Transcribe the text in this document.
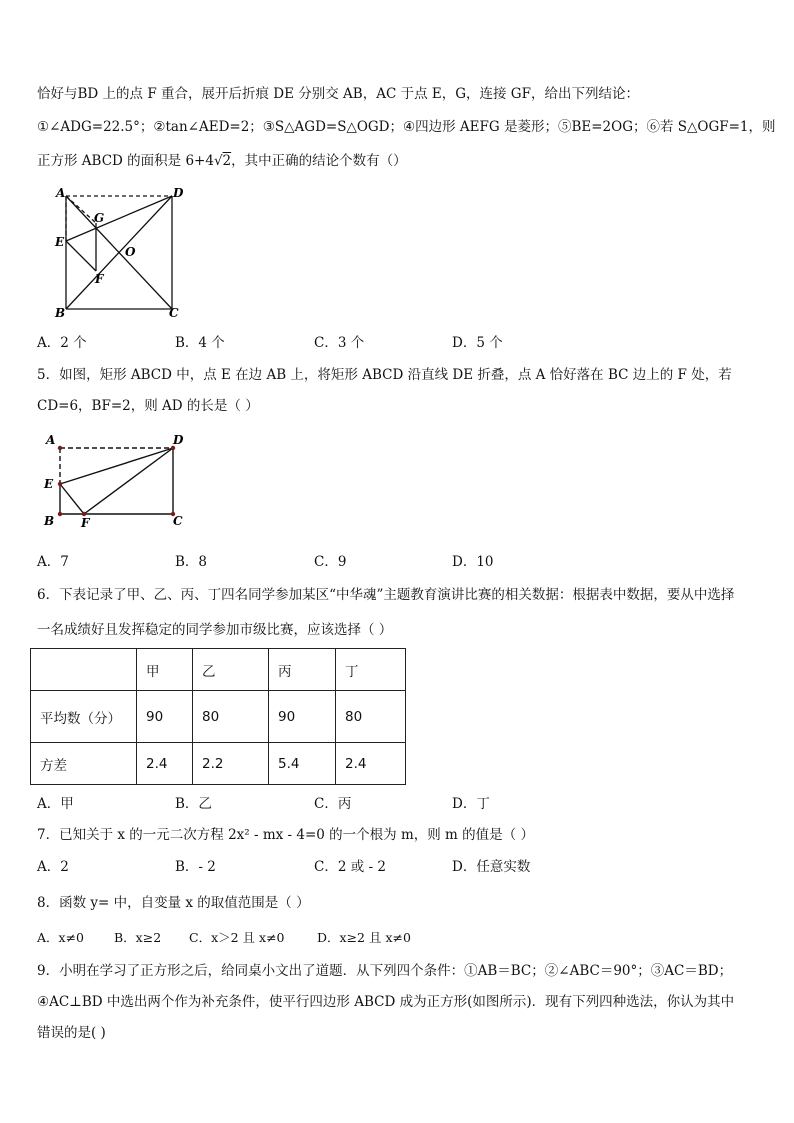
恰好与BD 上的点 F 重合，展开后折痕 DE 分别交 AB，AC 于点 E，G，连接 GF，给出下列结论：
①∠ADG=22.5°；②tan∠AED=2；③S△AGD=S△OGD；④四边形 AEFG 是菱形；⑤BE=2OG；⑥若 S△OGF=1，则
正方形 ABCD 的面积是 6+4√2，其中正确的结论个数有（）
A	D
G
E
O
F
B	C
A．2 个	B．4 个	C．3 个	D．5 个
5．如图，矩形 ABCD 中，点 E 在边 AB 上，将矩形 ABCD 沿直线 DE 折叠，点 A 恰好落在 BC 边上的 F 处，若
CD=6，BF=2，则 AD 的长是（ ）
A	D
E
B F	C
A．7	B．8	C．9	D．10
6．下表记录了甲、乙、丙、丁四名同学参加某区“中华魂”主题教育演讲比赛的相关数据：根据表中数据，要从中选择
一名成绩好且发挥稳定的同学参加市级比赛，应该选择（ ）
	甲	乙	丙	丁
平均数（分）	90	80	90	80
方差	2.4	2.2	5.4	2.4
A．甲	B．乙	C．丙	D．丁
7．已知关于 x 的一元二次方程 2x² - mx - 4=0 的一个根为 m，则 m 的值是（ ）
A．2	B．- 2	C．2 或 - 2	D．任意实数
8．函数 y= 中，自变量 x 的取值范围是（ ）
A．x≠0 B．x≥2 C．x＞2 且 x≠0	D．x≥2 且 x≠0
9．小明在学习了正方形之后，给同桌小文出了道题．从下列四个条件：①AB＝BC；②∠ABC＝90°；③AC＝BD；
④AC⊥BD 中选出两个作为补充条件，使平行四边形 ABCD 成为正方形(如图所示)．现有下列四种选法，你认为其中
错误的是( )
